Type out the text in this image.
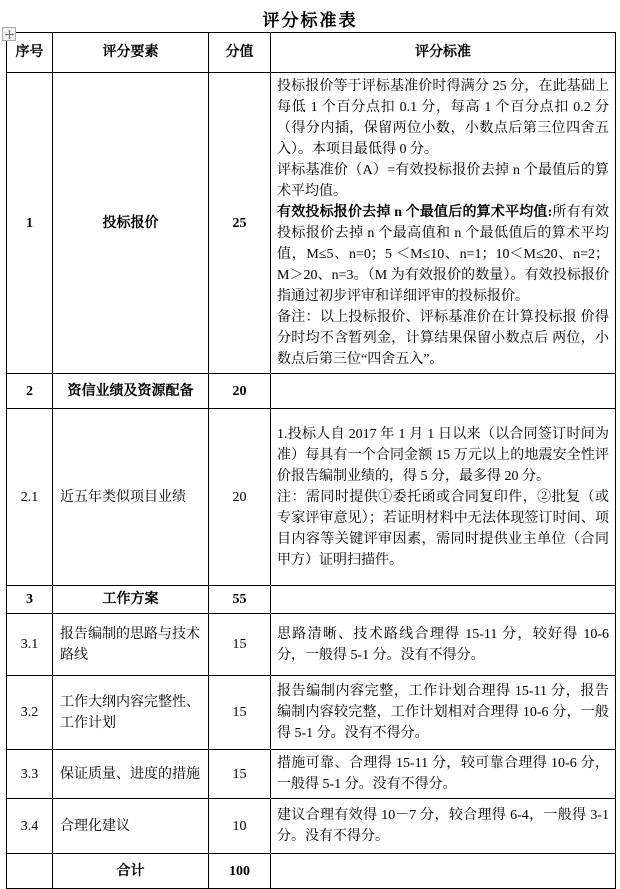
评分标准表
序号	评分要素	分值	评分标准
1	投标报价	25	投标报价等于评标基准价时得满分 25 分，在此基础上每低 1 个百分点扣 0.1 分，每高 1 个百分点扣 0.2 分（得分内插，保留两位小数，小数点后第三位四舍五入）。本项目最低得 0 分。

评标基准价（A）=有效投标报价去掉 n 个最值后的算术平均值。

有效投标报价去掉 n 个最值后的算术平均值:所有有效投标报价去掉 n 个最高值和 n 个最低值后的算术平均值，M≤5、n=0；5 ＜M≤10、n=1；10＜M≤20、n=2；M＞20、n=3。（M 为有效报价的数量）。有效投标报价指通过初步评审和详细评审的投标报价。

备注：以上投标报价、评标基准价在计算投标报 价得分时均不含暂列金，计算结果保留小数点后 两位，小数点后第三位“四舍五入”。

2	资信业绩及资源配备	20	
2.1	近五年类似项目业绩	20	1.投标人自 2017 年 1 月 1 日以来（以合同签订时间为准）每具有一个合同金额 15 万元以上的地震安全性评价报告编制业绩的，得 5 分，最多得 20 分。

注：需同时提供①委托函或合同复印件，②批复（或专家评审意见）；若证明材料中无法体现签订时间、项目内容等关键评审因素，需同时提供业主单位（合同甲方）证明扫描件。

3	工作方案	55	
3.1	报告编制的思路与技术路线	15	思路清晰、技术路线合理得 15-11 分，较好得 10-6 分，一般得 5-1 分。没有不得分。
3.2	工作大纲内容完整性、工作计划	15	报告编制内容完整，工作计划合理得 15-11 分，报告编制内容较完整，工作计划相对合理得 10-6 分，一般得 5-1 分。没有不得分。
3.3	保证质量、进度的措施	15	措施可靠、合理得 15-11 分，较可靠合理得 10-6 分，一般得 5-1 分。没有不得分。
3.4	合理化建议	10	建议合理有效得 10－7 分，较合理得 6-4，一般得 3-1 分。没有不得分。
	合计	100	
